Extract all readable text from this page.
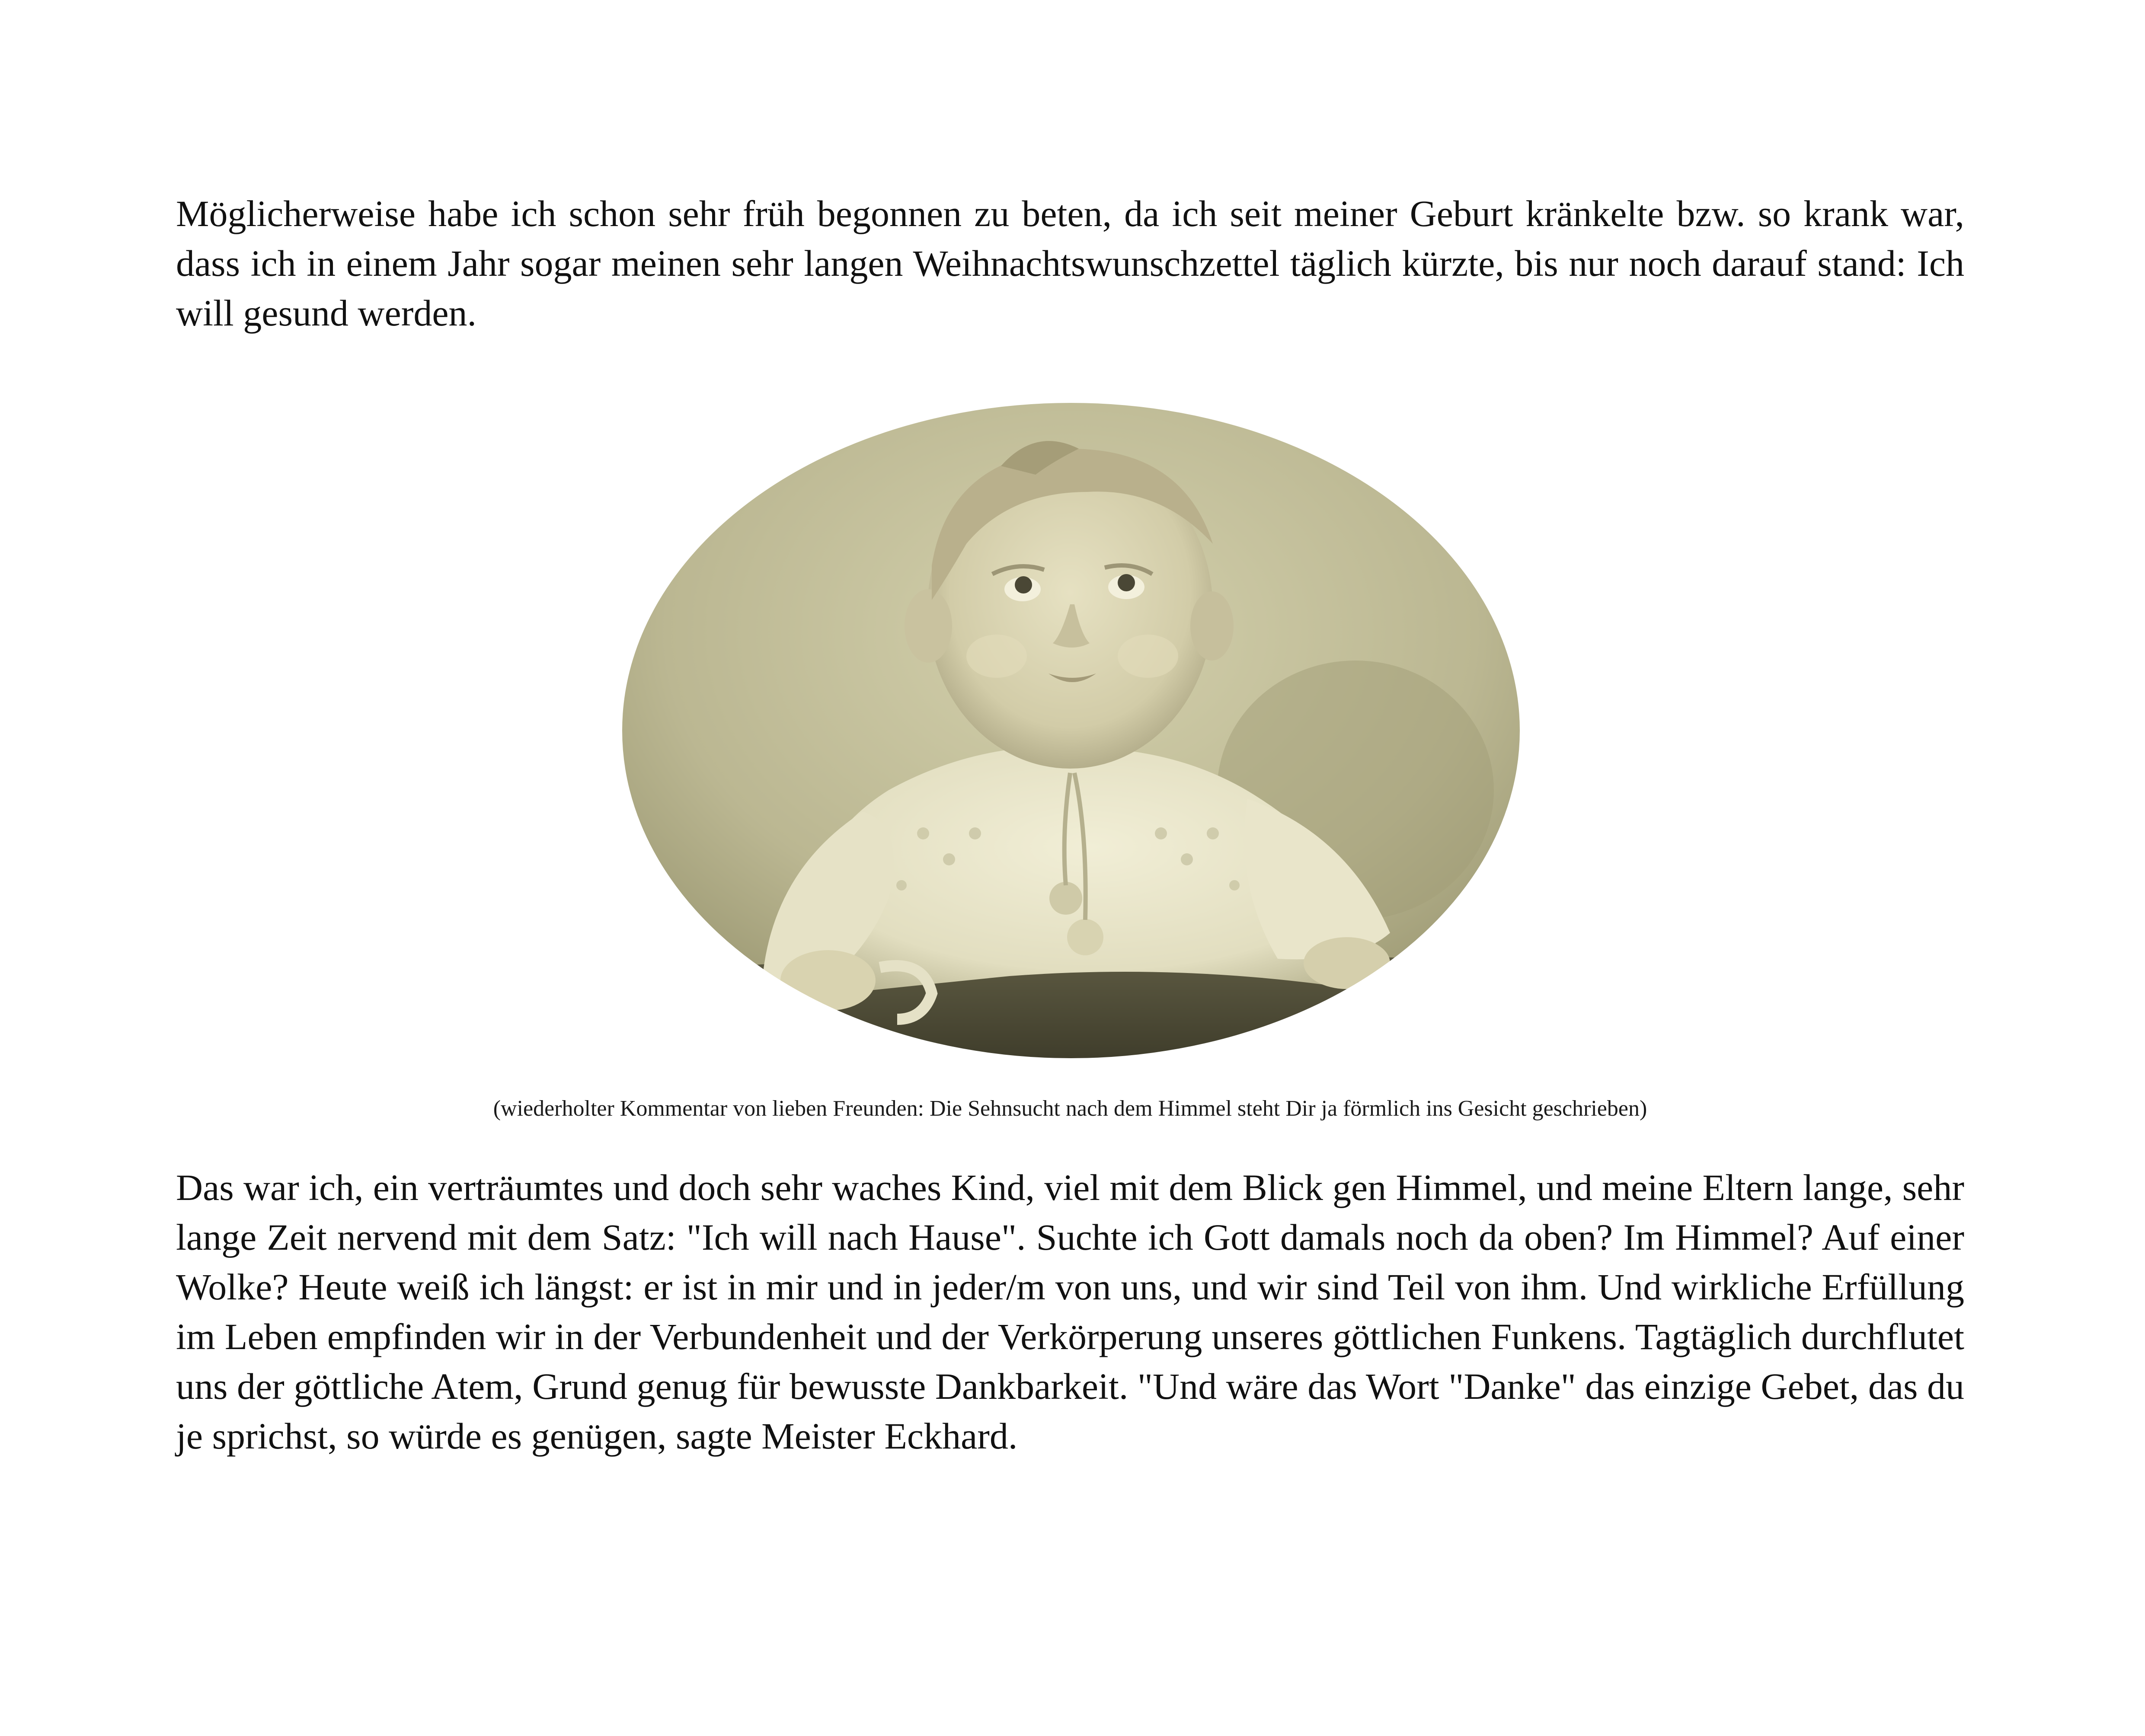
Möglicherweise habe ich schon sehr früh begonnen zu beten, da ich seit meiner Geburt kränkelte bzw. so krank war, dass ich in einem Jahr sogar meinen sehr langen Weihnachtswunschzettel täglich kürzte, bis nur noch darauf stand: Ich will gesund werden.

(wiederholter Kommentar von lieben Freunden: Die Sehnsucht nach dem Himmel steht Dir ja förmlich ins Gesicht geschrieben)

Das war ich, ein verträumtes und doch sehr waches Kind, viel mit dem Blick gen Himmel, und meine Eltern lange, sehr lange Zeit nervend mit dem Satz: "Ich will nach Hause". Suchte ich Gott damals noch da oben? Im Himmel? Auf einer Wolke? Heute weiß ich längst: er ist in mir und in jeder/m von uns, und wir sind Teil von ihm. Und wirkliche Erfüllung im Leben empfinden wir in der Verbundenheit und der Verkörperung unseres göttlichen Funkens. Tagtäglich durchflutet uns der göttliche Atem, Grund genug für bewusste Dankbarkeit. "Und wäre das Wort "Danke" das einzige Gebet, das du je sprichst, so würde es genügen, sagte Meister Eckhard.
